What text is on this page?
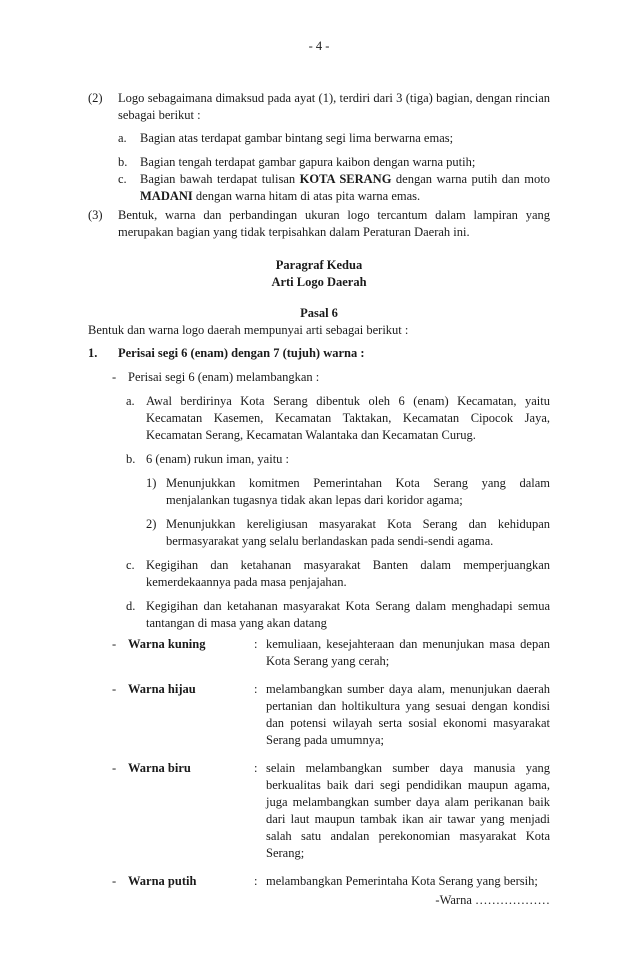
- 4 -
(2)	Logo sebagaimana dimaksud pada ayat (1), terdiri dari 3 (tiga) bagian, dengan rincian sebagai berikut :
a.	Bagian atas terdapat gambar bintang segi lima berwarna emas;
b.	Bagian tengah terdapat gambar gapura kaibon dengan warna putih;
c.	Bagian bawah terdapat tulisan KOTA SERANG dengan warna putih dan moto MADANI dengan warna hitam di atas pita warna emas.
(3)	Bentuk, warna dan perbandingan ukuran logo tercantum dalam lampiran yang merupakan bagian yang tidak terpisahkan dalam Peraturan Daerah ini.
Paragraf Kedua
Arti Logo Daerah
Pasal 6
Bentuk dan warna logo daerah mempunyai arti sebagai berikut :
1.	Perisai segi 6 (enam) dengan 7 (tujuh) warna :
- Perisai segi 6 (enam) melambangkan :
a. Awal berdirinya Kota Serang dibentuk oleh 6 (enam) Kecamatan, yaitu Kecamatan Kasemen, Kecamatan Taktakan, Kecamatan Cipocok Jaya, Kecamatan Serang, Kecamatan Walantaka dan Kecamatan Curug.
b. 6 (enam) rukun iman, yaitu :
1) Menunjukkan komitmen Pemerintahan Kota Serang yang dalam menjalankan tugasnya tidak akan lepas dari koridor agama;
2) Menunjukkan kereligiusan masyarakat Kota Serang dan kehidupan bermasyarakat yang selalu berlandaskan pada sendi-sendi agama.
c. Kegigihan dan ketahanan masyarakat Banten dalam memperjuangkan kemerdekaannya pada masa penjajahan.
d. Kegigihan dan ketahanan masyarakat Kota Serang dalam menghadapi semua tantangan di masa yang akan datang
- Warna kuning	: kemuliaan, kesejahteraan dan menunjukan masa depan Kota Serang yang cerah;
- Warna hijau	: melambangkan sumber daya alam, menunjukan daerah pertanian dan holtikultura yang sesuai dengan kondisi dan potensi wilayah serta sosial ekonomi masyarakat Serang pada umumnya;
- Warna biru	: selain melambangkan sumber daya manusia yang berkualitas baik dari segi pendidikan maupun agama, juga melambangkan sumber daya alam perikanan baik dari laut maupun tambak ikan air tawar yang menjadi salah satu andalan perekonomian masyarakat Kota Serang;
- Warna putih	: melambangkan Pemerintaha Kota Serang yang bersih;
-Warna ………………
